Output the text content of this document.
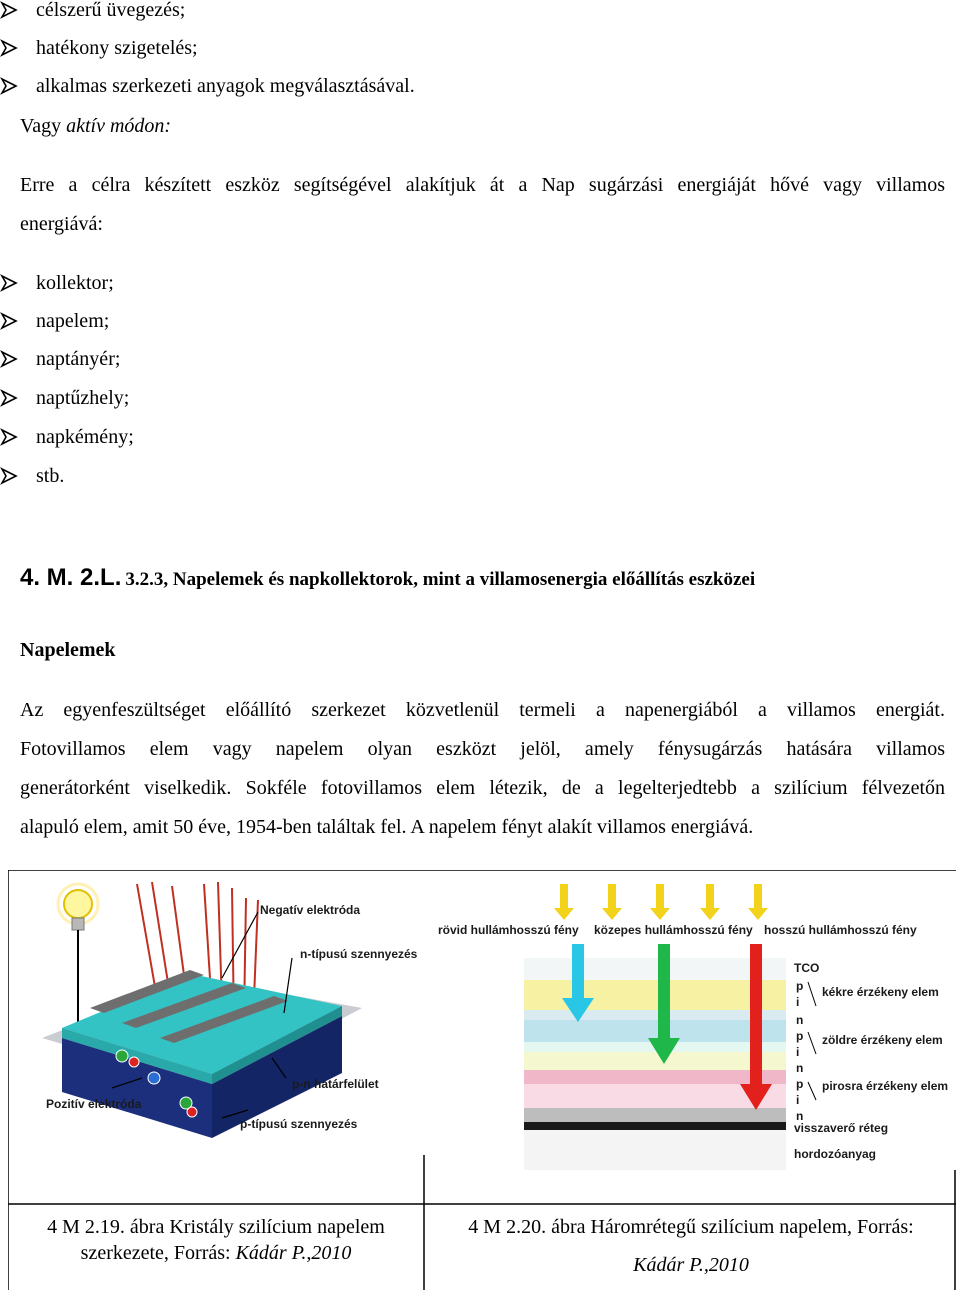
célszerű üvegezés;
hatékony szigetelés;
alkalmas szerkezeti anyagok megválasztásával.
Vagy aktív módon:
Erre a célra készített eszköz segítségével alakítjuk át a Nap sugárzási energiáját hővé vagy villamos
energiává:
kollektor;
napelem;
naptányér;
naptűzhely;
napkémény;
stb.
4. M. 2.L. 3.2.3, Napelemek és napkollektorok, mint a villamosenergia előállítás eszközei
Napelemek
Az egyenfeszültséget előállító szerkezet közvetlenül termeli a napenergiából a villamos energiát.
Fotovillamos elem vagy napelem olyan eszközt jelöl, amely fénysugárzás hatására villamos
generátorként viselkedik. Sokféle fotovillamos elem létezik, de a legelterjedtebb a szilícium félvezetőn
alapuló elem, amit 50 éve, 1954-ben találtak fel. A napelem fényt alakít villamos energiává.
Negatív elektróda
n-típusú szennyezés
Pozitív elektróda
p-n határfelület
p-típusú szennyezés
rövid hullámhosszú fény közepes hullámhosszú fény hosszú hullámhosszú fény
TCO
p
i
n
p
i
n
p
i
n
kékre érzékeny elem
zöldre érzékeny elem
pirosra érzékeny elem
visszaverő réteg
hordozóanyag
4 M 2.19. ábra Kristály szilícium napelem
szerkezete, Forrás: Kádár P.,2010
4 M 2.20. ábra Háromrétegű szilícium napelem, Forrás:
Kádár P.,2010
